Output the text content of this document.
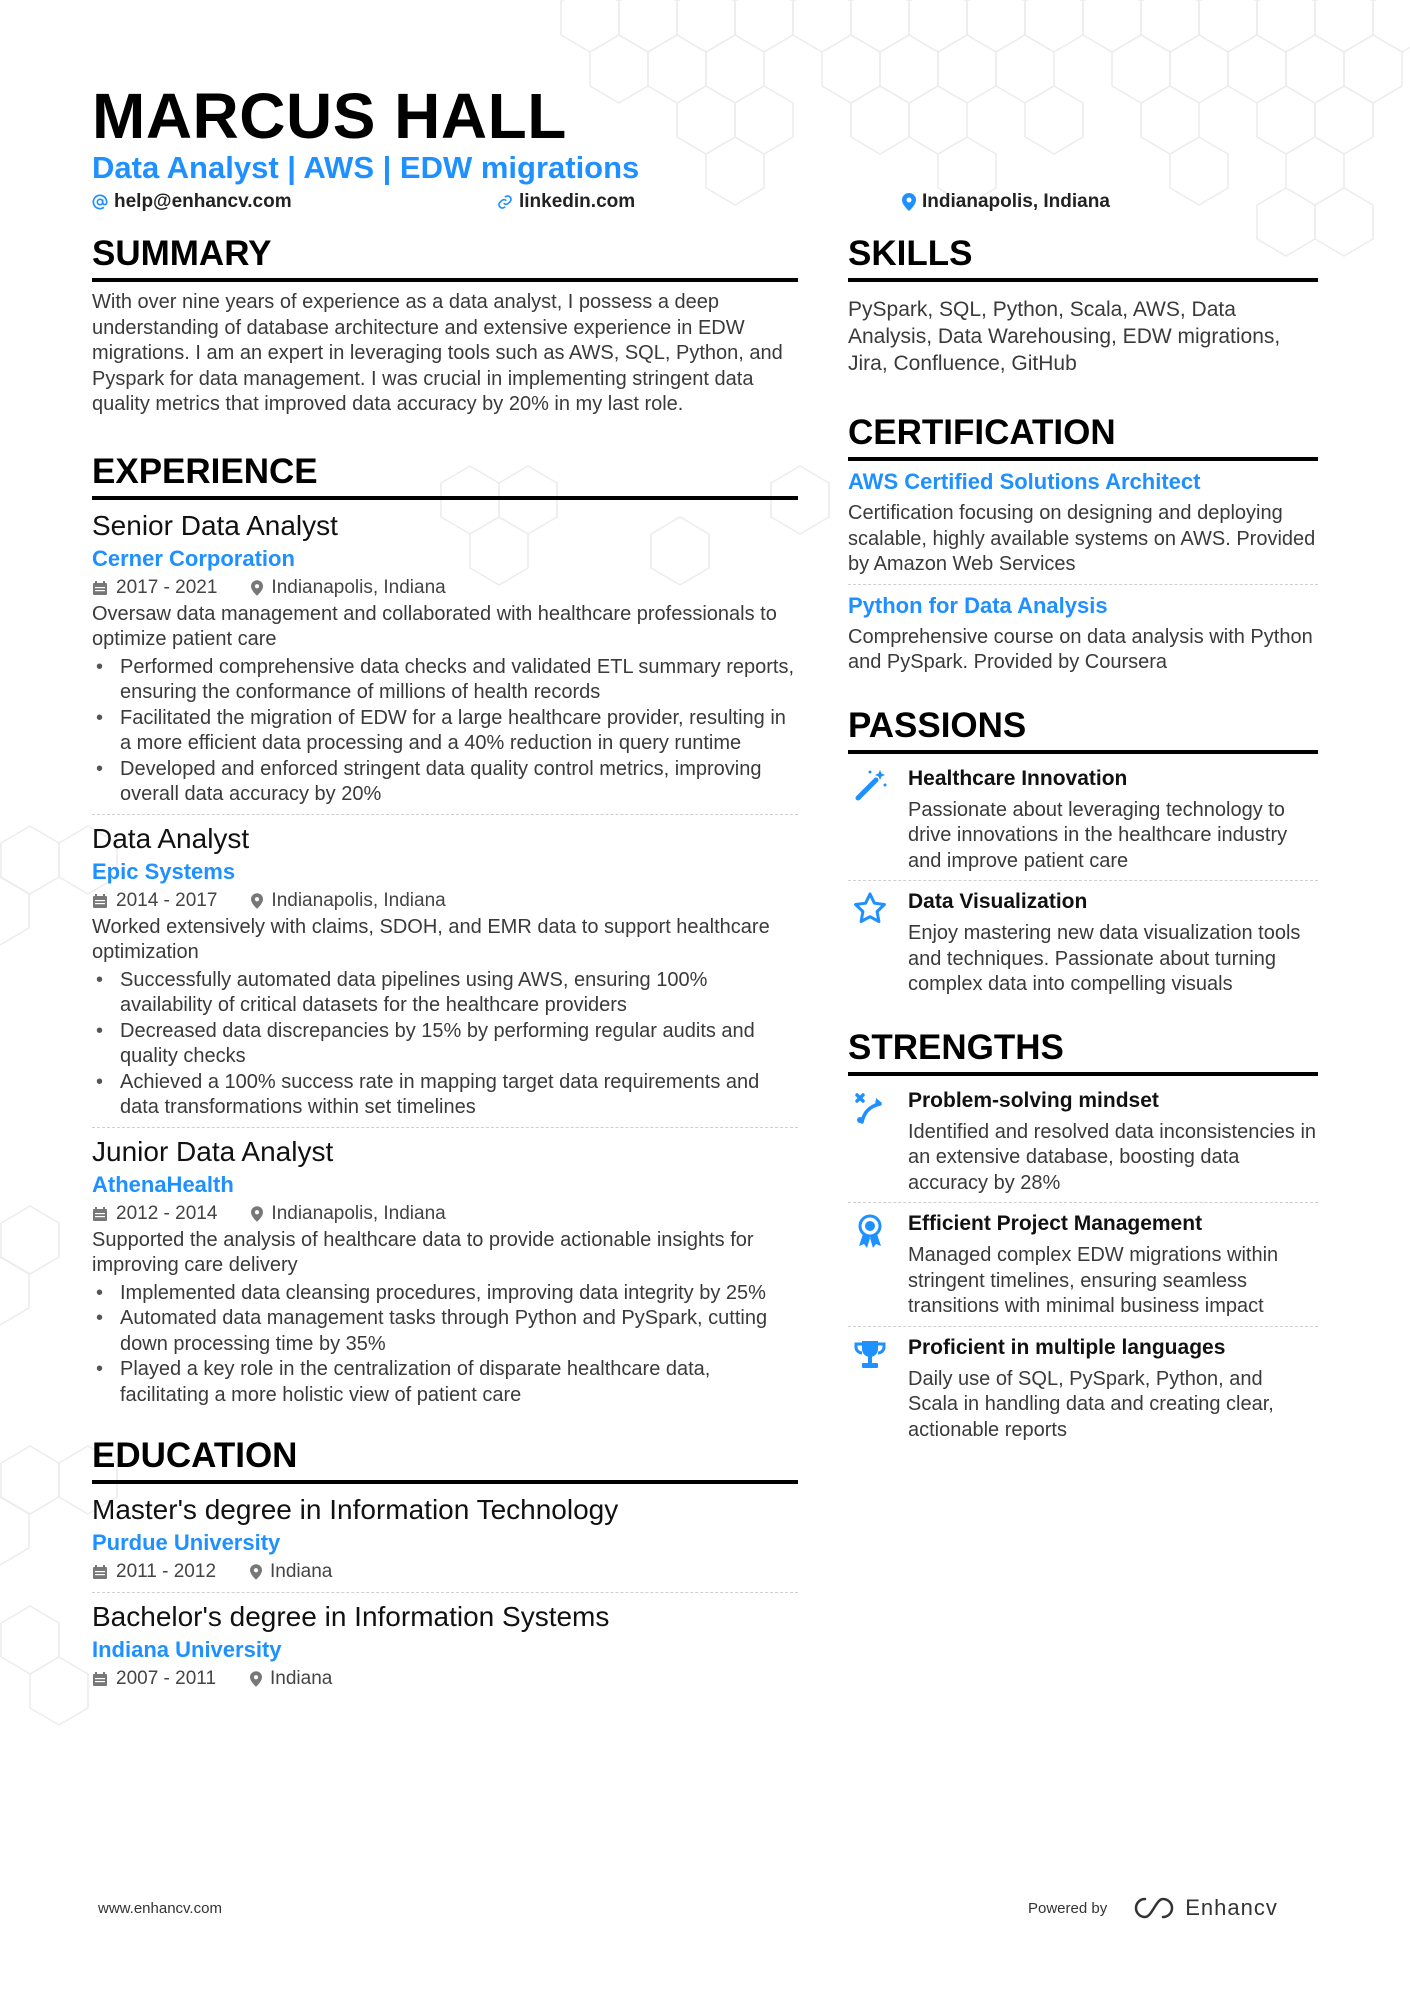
MARCUS HALL
Data Analyst | AWS | EDW migrations
help@enhancv.com	linkedin.com	Indianapolis, Indiana
SUMMARY
With over nine years of experience as a data analyst, I possess a deep understanding of database architecture and extensive experience in EDW migrations. I am an expert in leveraging tools such as AWS, SQL, Python, and Pyspark for data management. I was crucial in implementing stringent data quality metrics that improved data accuracy by 20% in my last role.
EXPERIENCE
Senior Data Analyst
Cerner Corporation
2017 - 2021	Indianapolis, Indiana
Oversaw data management and collaborated with healthcare professionals to optimize patient care
• Performed comprehensive data checks and validated ETL summary reports, ensuring the conformance of millions of health records
• Facilitated the migration of EDW for a large healthcare provider, resulting in a more efficient data processing and a 40% reduction in query runtime
• Developed and enforced stringent data quality control metrics, improving overall data accuracy by 20%
Data Analyst
Epic Systems
2014 - 2017	Indianapolis, Indiana
Worked extensively with claims, SDOH, and EMR data to support healthcare optimization
• Successfully automated data pipelines using AWS, ensuring 100% availability of critical datasets for the healthcare providers
• Decreased data discrepancies by 15% by performing regular audits and quality checks
• Achieved a 100% success rate in mapping target data requirements and data transformations within set timelines
Junior Data Analyst
AthenaHealth
2012 - 2014	Indianapolis, Indiana
Supported the analysis of healthcare data to provide actionable insights for improving care delivery
• Implemented data cleansing procedures, improving data integrity by 25%
• Automated data management tasks through Python and PySpark, cutting down processing time by 35%
• Played a key role in the centralization of disparate healthcare data, facilitating a more holistic view of patient care
EDUCATION
Master's degree in Information Technology
Purdue University
2011 - 2012	Indiana
Bachelor's degree in Information Systems
Indiana University
2007 - 2011	Indiana
SKILLS
PySpark, SQL, Python, Scala, AWS, Data Analysis, Data Warehousing, EDW migrations, Jira, Confluence, GitHub
CERTIFICATION
AWS Certified Solutions Architect
Certification focusing on designing and deploying scalable, highly available systems on AWS. Provided by Amazon Web Services
Python for Data Analysis
Comprehensive course on data analysis with Python and PySpark. Provided by Coursera
PASSIONS
Healthcare Innovation
Passionate about leveraging technology to drive innovations in the healthcare industry and improve patient care
Data Visualization
Enjoy mastering new data visualization tools and techniques. Passionate about turning complex data into compelling visuals
STRENGTHS
Problem-solving mindset
Identified and resolved data inconsistencies in an extensive database, boosting data accuracy by 28%
Efficient Project Management
Managed complex EDW migrations within stringent timelines, ensuring seamless transitions with minimal business impact
Proficient in multiple languages
Daily use of SQL, PySpark, Python, and Scala in handling data and creating clear, actionable reports
www.enhancv.com	Powered by	Enhancv
